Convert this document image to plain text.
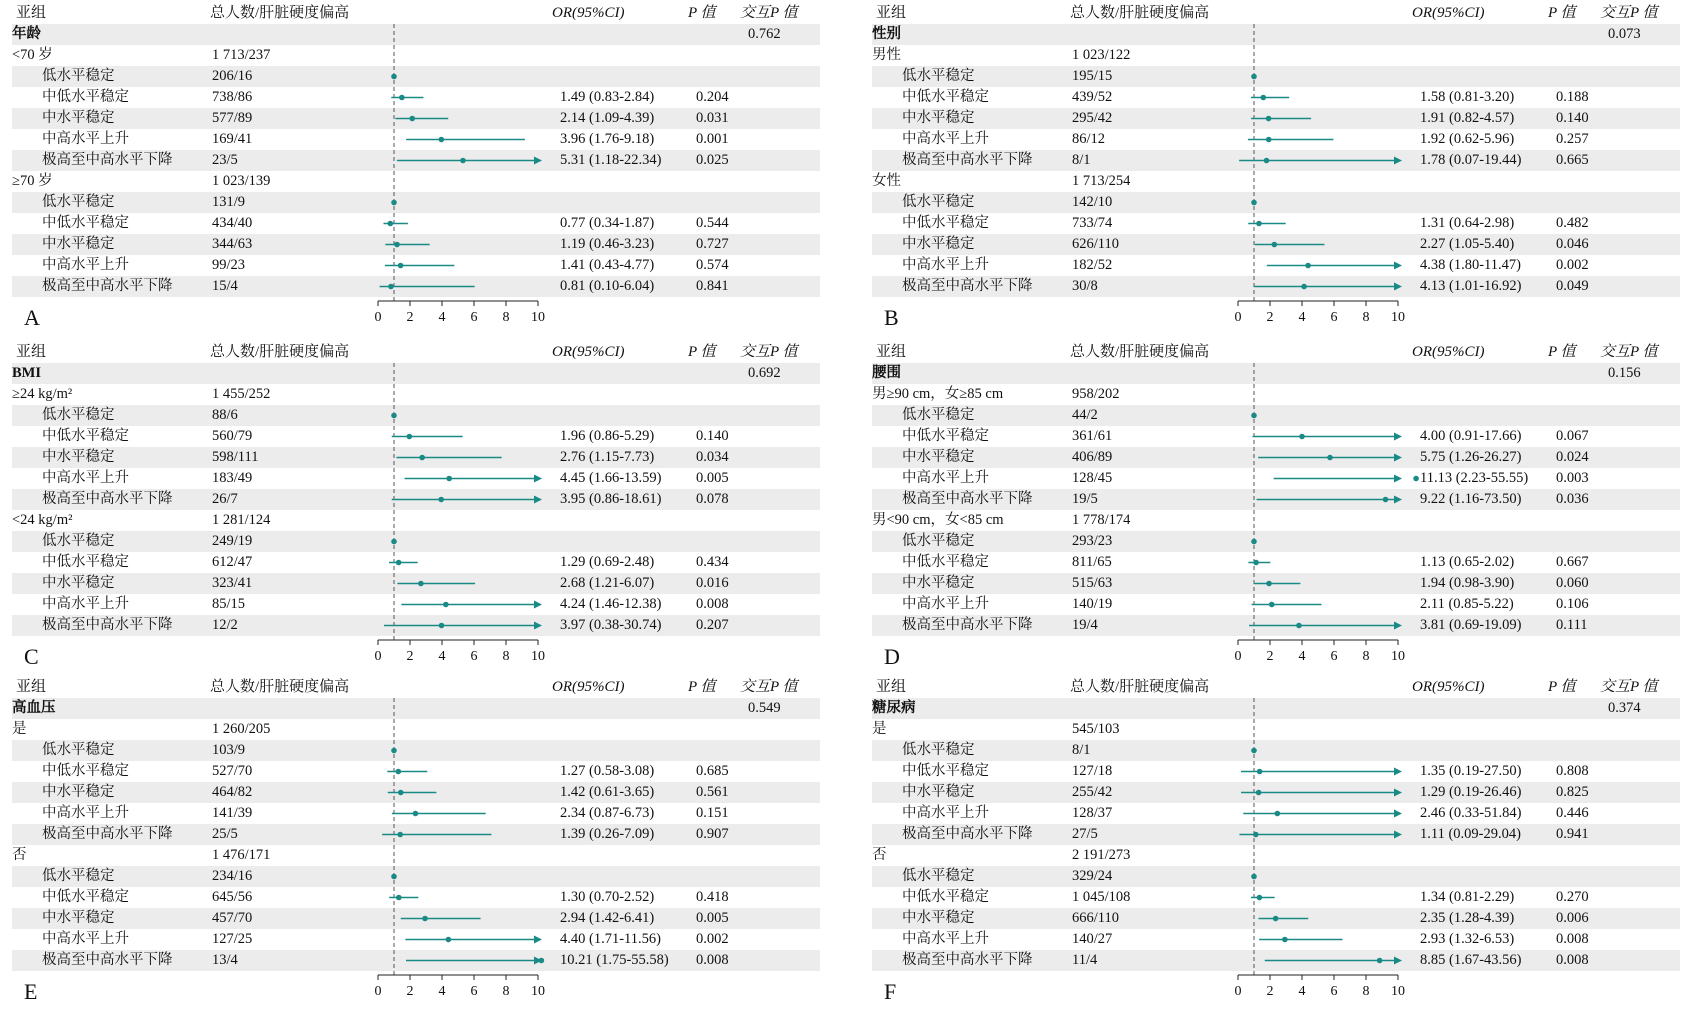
亚组	总人数/肝脏硬度偏高	OR(95%CI)	P 值 交互P 值
年龄	0.762
<70 岁	1 713/237
低水平稳定	206/16
中低水平稳定	738/86	1.49 (0.83-2.84)	0.204
中水平稳定	577/89	2.14 (1.09-4.39)	0.031
中高水平上升	169/41	3.96 (1.76-9.18)	0.001
极高至中高水平下降	23/5	5.31 (1.18-22.34) 0.025
≥70 岁	1 023/139
低水平稳定	131/9
中低水平稳定	434/40	0.77 (0.34-1.87)	0.544
中水平稳定	344/63	1.19 (0.46-3.23)	0.727
中高水平上升	99/23	1.41 (0.43-4.77)	0.574
极高至中高水平下降	15/4	0.81 (0.10-6.04)	0.841
0 2 4 6 8 10
A
亚组	总人数/肝脏硬度偏高	OR(95%CI)	P 值 交互P 值
性别	0.073
男性	1 023/122
低水平稳定	195/15
中低水平稳定	439/52	1.58 (0.81-3.20)	0.188
中水平稳定	295/42	1.91 (0.82-4.57)	0.140
中高水平上升	86/12	1.92 (0.62-5.96)	0.257
极高至中高水平下降	8/1	1.78 (0.07-19.44) 0.665
女性	1 713/254
低水平稳定	142/10
中低水平稳定	733/74	1.31 (0.64-2.98)	0.482
中水平稳定	626/110	2.27 (1.05-5.40)	0.046
中高水平上升	182/52	4.38 (1.80-11.47) 0.002
极高至中高水平下降	30/8	4.13 (1.01-16.92) 0.049
0 2 4 6 8 10
B
亚组	总人数/肝脏硬度偏高	OR(95%CI)	P 值 交互P 值
BMI	0.692
≥24 kg/m²	1 455/252
低水平稳定	88/6
中低水平稳定	560/79	1.96 (0.86-5.29)	0.140
中水平稳定	598/111	2.76 (1.15-7.73)	0.034
中高水平上升	183/49	4.45 (1.66-13.59) 0.005
极高至中高水平下降	26/7	3.95 (0.86-18.61) 0.078
<24 kg/m²	1 281/124
低水平稳定	249/19
中低水平稳定	612/47	1.29 (0.69-2.48)	0.434
中水平稳定	323/41	2.68 (1.21-6.07)	0.016
中高水平上升	85/15	4.24 (1.46-12.38) 0.008
极高至中高水平下降	12/2	3.97 (0.38-30.74) 0.207
0 2 4 6 8 10
C
亚组	总人数/肝脏硬度偏高	OR(95%CI)	P 值 交互P 值
腰围	0.156
男≥90 cm，女≥85 cm	958/202
低水平稳定	44/2
中低水平稳定	361/61	4.00 (0.91-17.66) 0.067
中水平稳定	406/89	5.75 (1.26-26.27) 0.024
中高水平上升	128/45	11.13 (2.23-55.55) 0.003
极高至中高水平下降	19/5	9.22 (1.16-73.50) 0.036
男<90 cm，女<85 cm	1 778/174
低水平稳定	293/23
中低水平稳定	811/65	1.13 (0.65-2.02)	0.667
中水平稳定	515/63	1.94 (0.98-3.90)	0.060
中高水平上升	140/19	2.11 (0.85-5.22)	0.106
极高至中高水平下降	19/4	3.81 (0.69-19.09) 0.111
0 2 4 6 8 10
D
亚组	总人数/肝脏硬度偏高	OR(95%CI)	P 值 交互P 值
高血压	0.549
是	1 260/205
低水平稳定	103/9
中低水平稳定	527/70	1.27 (0.58-3.08)	0.685
中水平稳定	464/82	1.42 (0.61-3.65)	0.561
中高水平上升	141/39	2.34 (0.87-6.73)	0.151
极高至中高水平下降	25/5	1.39 (0.26-7.09)	0.907
否	1 476/171
低水平稳定	234/16
中低水平稳定	645/56	1.30 (0.70-2.52)	0.418
中水平稳定	457/70	2.94 (1.42-6.41)	0.005
中高水平上升	127/25	4.40 (1.71-11.56) 0.002
极高至中高水平下降	13/4	10.21 (1.75-55.58) 0.008
0 2 4 6 8 10
E
亚组	总人数/肝脏硬度偏高	OR(95%CI)	P 值 交互P 值
糖尿病	0.374
是	545/103
低水平稳定	8/1
中低水平稳定	127/18	1.35 (0.19-27.50) 0.808
中水平稳定	255/42	1.29 (0.19-26.46) 0.825
中高水平上升	128/37	2.46 (0.33-51.84) 0.446
极高至中高水平下降	27/5	1.11 (0.09-29.04) 0.941
否	2 191/273
低水平稳定	329/24
中低水平稳定	1 045/108	1.34 (0.81-2.29)	0.270
中水平稳定	666/110	2.35 (1.28-4.39)	0.006
中高水平上升	140/27	2.93 (1.32-6.53)	0.008
极高至中高水平下降	11/4	8.85 (1.67-43.56) 0.008
0 2 4 6 8 10
F
